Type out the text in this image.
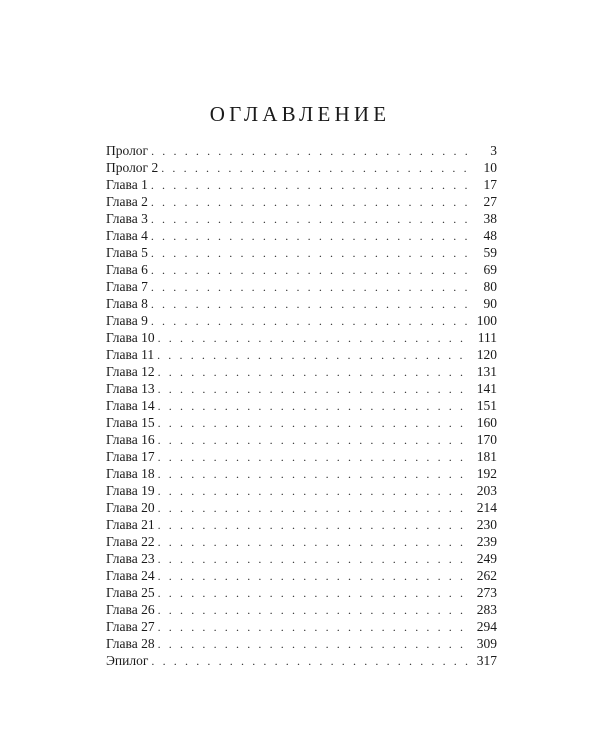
ОГЛАВЛЕНИЕ
Пролог . . .	3
Пролог 2 . . .	10
Глава 1 . . .	17
Глава 2 . . .	27
Глава 3 . . .	38
Глава 4 . . .	48
Глава 5 . . .	59
Глава 6 . . .	69
Глава 7 . . .	80
Глава 8 . . .	90
Глава 9 . . .	100
Глава 10 . . .	111
Глава 11 . . .	120
Глава 12 . . .	131
Глава 13 . . .	141
Глава 14 . . .	151
Глава 15 . . .	160
Глава 16 . . .	170
Глава 17 . . .	181
Глава 18 . . .	192
Глава 19 . . .	203
Глава 20 . . .	214
Глава 21 . . .	230
Глава 22 . . .	239
Глава 23 . . .	249
Глава 24 . . .	262
Глава 25 . . .	273
Глава 26 . . .	283
Глава 27 . . .	294
Глава 28 . . .	309
Эпилог . . .	317
